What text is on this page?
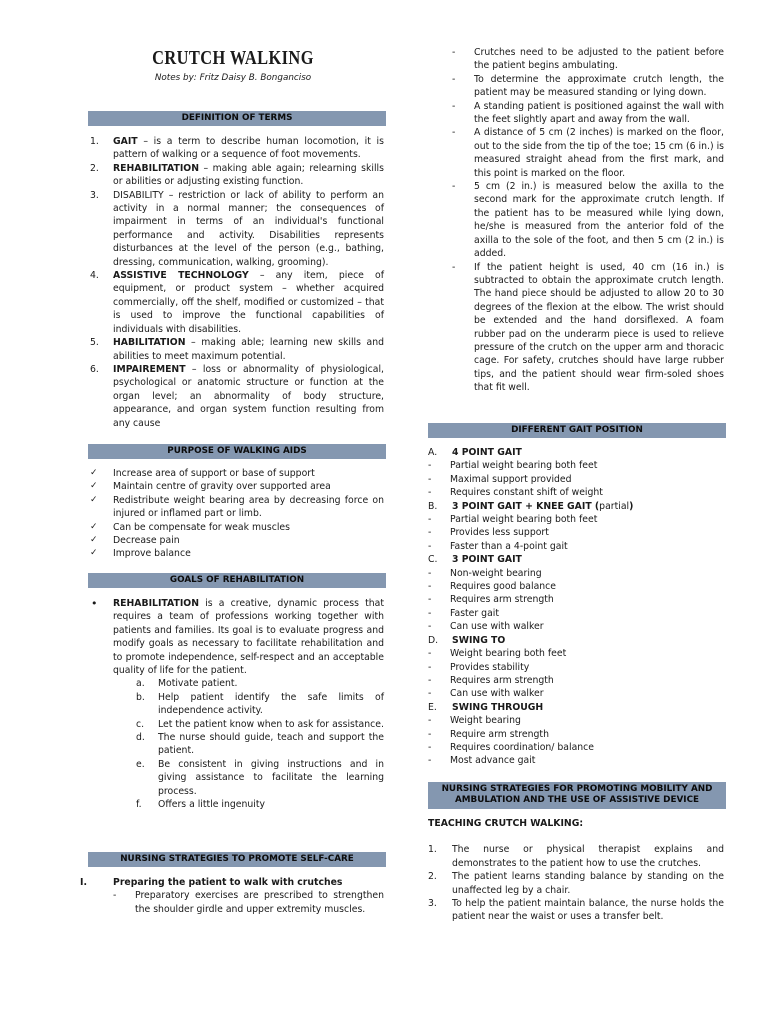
CRUTCH WALKING
Notes by: Fritz Daisy B. Bonganciso
DEFINITION OF TERMS
1. GAIT – is a term to describe human locomotion, it is pattern of walking or a sequence of foot movements.
2. REHABILITATION – making able again; relearning skills or abilities or adjusting existing function.
3. DISABILITY – restriction or lack of ability to perform an activity in a normal manner; the consequences of impairment in terms of an individual's functional performance and activity. Disabilities represents disturbances at the level of the person (e.g., bathing, dressing, communication, walking, grooming).
4. ASSISTIVE TECHNOLOGY – any item, piece of equipment, or product system – whether acquired commercially, off the shelf, modified or customized – that is used to improve the functional capabilities of individuals with disabilities.
5. HABILITATION – making able; learning new skills and abilities to meet maximum potential.
6. IMPAIREMENT – loss or abnormality of physiological, psychological or anatomic structure or function at the organ level; an abnormality of body structure, appearance, and organ system function resulting from any cause
PURPOSE OF WALKING AIDS
✓ Increase area of support or base of support
✓ Maintain centre of gravity over supported area
✓ Redistribute weight bearing area by decreasing force on injured or inflamed part or limb.
✓ Can be compensate for weak muscles
✓ Decrease pain
✓ Improve balance
GOALS OF REHABILITATION
• REHABILITATION is a creative, dynamic process that requires a team of professions working together with patients and families. Its goal is to evaluate progress and modify goals as necessary to facilitate rehabilitation and to promote independence, self-respect and an acceptable quality of life for the patient.
a. Motivate patient.
b. Help patient identify the safe limits of independence activity.
c. Let the patient know when to ask for assistance.
d. The nurse should guide, teach and support the patient.
e. Be consistent in giving instructions and in giving assistance to facilitate the learning process.
f. Offers a little ingenuity
NURSING STRATEGIES TO PROMOTE SELF-CARE
I.	Preparing the patient to walk with crutches
- Preparatory exercises are prescribed to strengthen the shoulder girdle and upper extremity muscles.
- Crutches need to be adjusted to the patient before the patient begins ambulating.
- To determine the approximate crutch length, the patient may be measured standing or lying down.
- A standing patient is positioned against the wall with the feet slightly apart and away from the wall.
- A distance of 5 cm (2 inches) is marked on the floor, out to the side from the tip of the toe; 15 cm (6 in.) is measured straight ahead from the first mark, and this point is marked on the floor.
- 5 cm (2 in.) is measured below the axilla to the second mark for the approximate crutch length. If the patient has to be measured while lying down, he/she is measured from the anterior fold of the axilla to the sole of the foot, and then 5 cm (2 in.) is added.
- If the patient height is used, 40 cm (16 in.) is subtracted to obtain the approximate crutch length. The hand piece should be adjusted to allow 20 to 30 degrees of the flexion at the elbow. The wrist should be extended and the hand dorsiflexed. A foam rubber pad on the underarm piece is used to relieve pressure of the crutch on the upper arm and thoracic cage. For safety, crutches should have large rubber tips, and the patient should wear firm-soled shoes that fit well.
DIFFERENT GAIT POSITION
A. 4 POINT GAIT
- Partial weight bearing both feet
- Maximal support provided
- Requires constant shift of weight
B. 3 POINT GAIT + KNEE GAIT (partial)
- Partial weight bearing both feet
- Provides less support
- Faster than a 4-point gait
C. 3 POINT GAIT
- Non-weight bearing
- Requires good balance
- Requires arm strength
- Faster gait
- Can use with walker
D. SWING TO
- Weight bearing both feet
- Provides stability
- Requires arm strength
- Can use with walker
E. SWING THROUGH
- Weight bearing
- Require arm strength
- Requires coordination/ balance
- Most advance gait
NURSING STRATEGIES FOR PROMOTING MOBILITY AND AMBULATION AND THE USE OF ASSISTIVE DEVICE
TEACHING CRUTCH WALKING:
1. The nurse or physical therapist explains and demonstrates to the patient how to use the crutches.
2. The patient learns standing balance by standing on the unaffected leg by a chair.
3. To help the patient maintain balance, the nurse holds the patient near the waist or uses a transfer belt.
